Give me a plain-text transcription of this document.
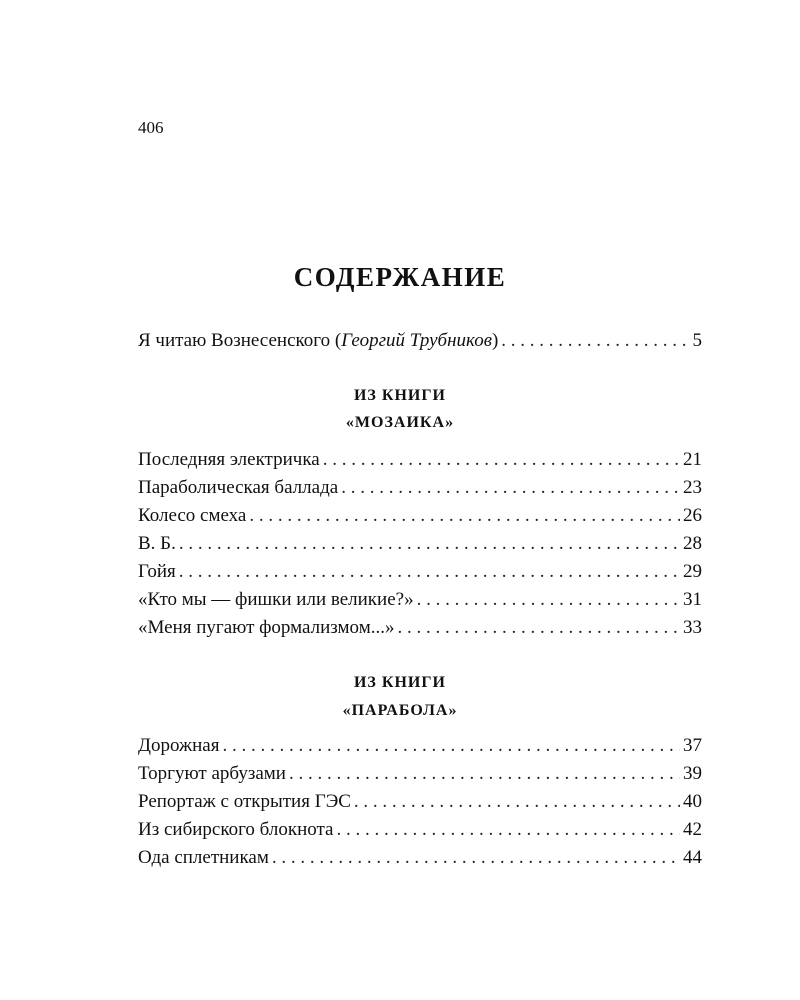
406
СОДЕРЖАНИЕ
Я читаю Вознесенского (Георгий Трубников) . . .	5
ИЗ КНИГИ
«МОЗАИКА»
Последняя электричка . . .	21
Параболическая баллада . . .	23
Колесо смеха . . .	26
В. Б. . . .	28
Гойя . . .	29
«Кто мы — фишки или великие?» . . .	31
«Меня пугают формализмом...» . . .	33
ИЗ КНИГИ
«ПАРАБОЛА»
Дорожная . . .	37
Торгуют арбузами . . .	39
Репортаж с открытия ГЭС . . .	40
Из сибирского блокнота . . .	42
Ода сплетникам . . .	44
